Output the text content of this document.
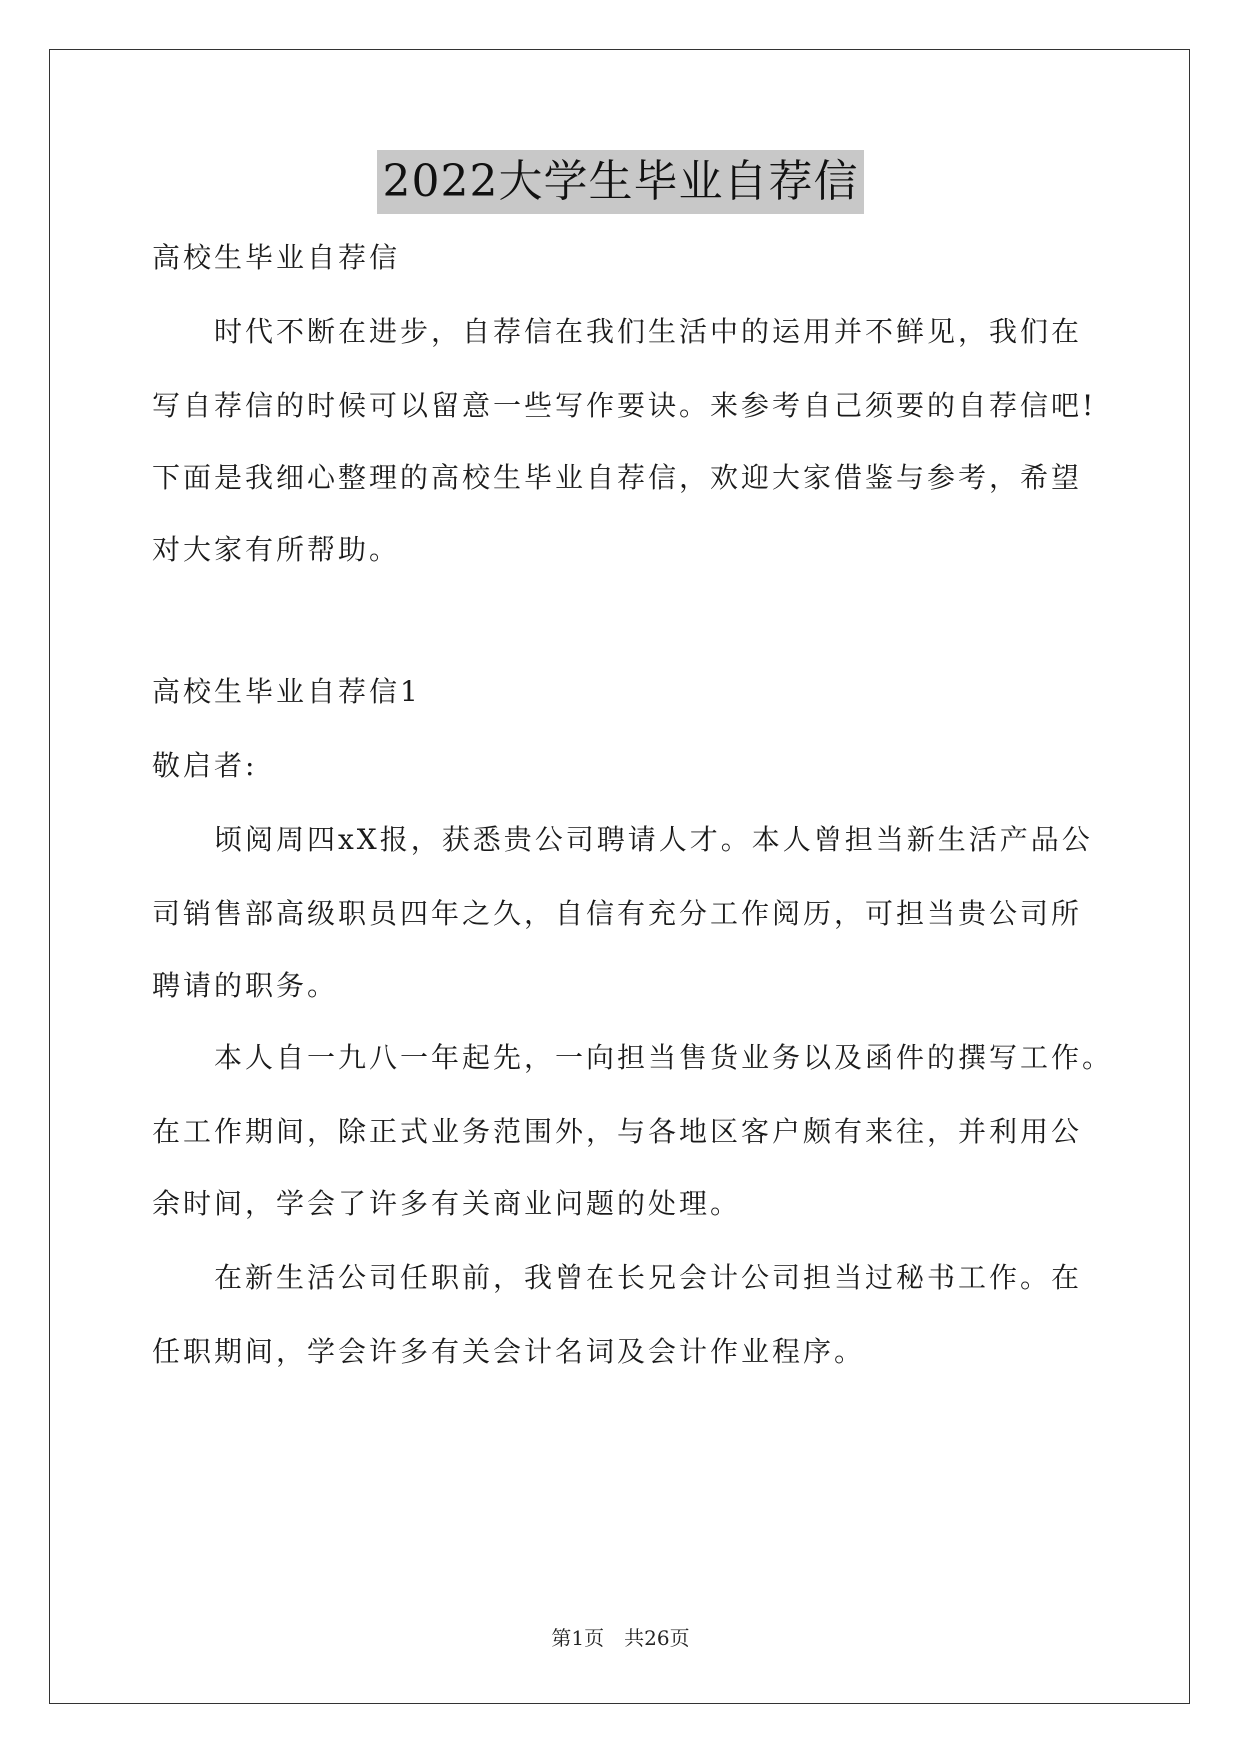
2022大学生毕业自荐信
高校生毕业自荐信
时代不断在进步，自荐信在我们生活中的运用并不鲜见，我们在
写自荐信的时候可以留意一些写作要诀。来参考自己须要的自荐信吧!
下面是我细心整理的高校生毕业自荐信，欢迎大家借鉴与参考，希望
对大家有所帮助。
高校生毕业自荐信1
敬启者:
顷阅周四xX报，获悉贵公司聘请人才。本人曾担当新生活产品公
司销售部高级职员四年之久，自信有充分工作阅历，可担当贵公司所
聘请的职务。
本人自一九八一年起先，一向担当售货业务以及函件的撰写工作。
在工作期间，除正式业务范围外，与各地区客户颇有来往，并利用公
余时间，学会了许多有关商业问题的处理。
在新生活公司任职前，我曾在长兄会计公司担当过秘书工作。在
任职期间，学会许多有关会计名词及会计作业程序。
第1页　共26页
